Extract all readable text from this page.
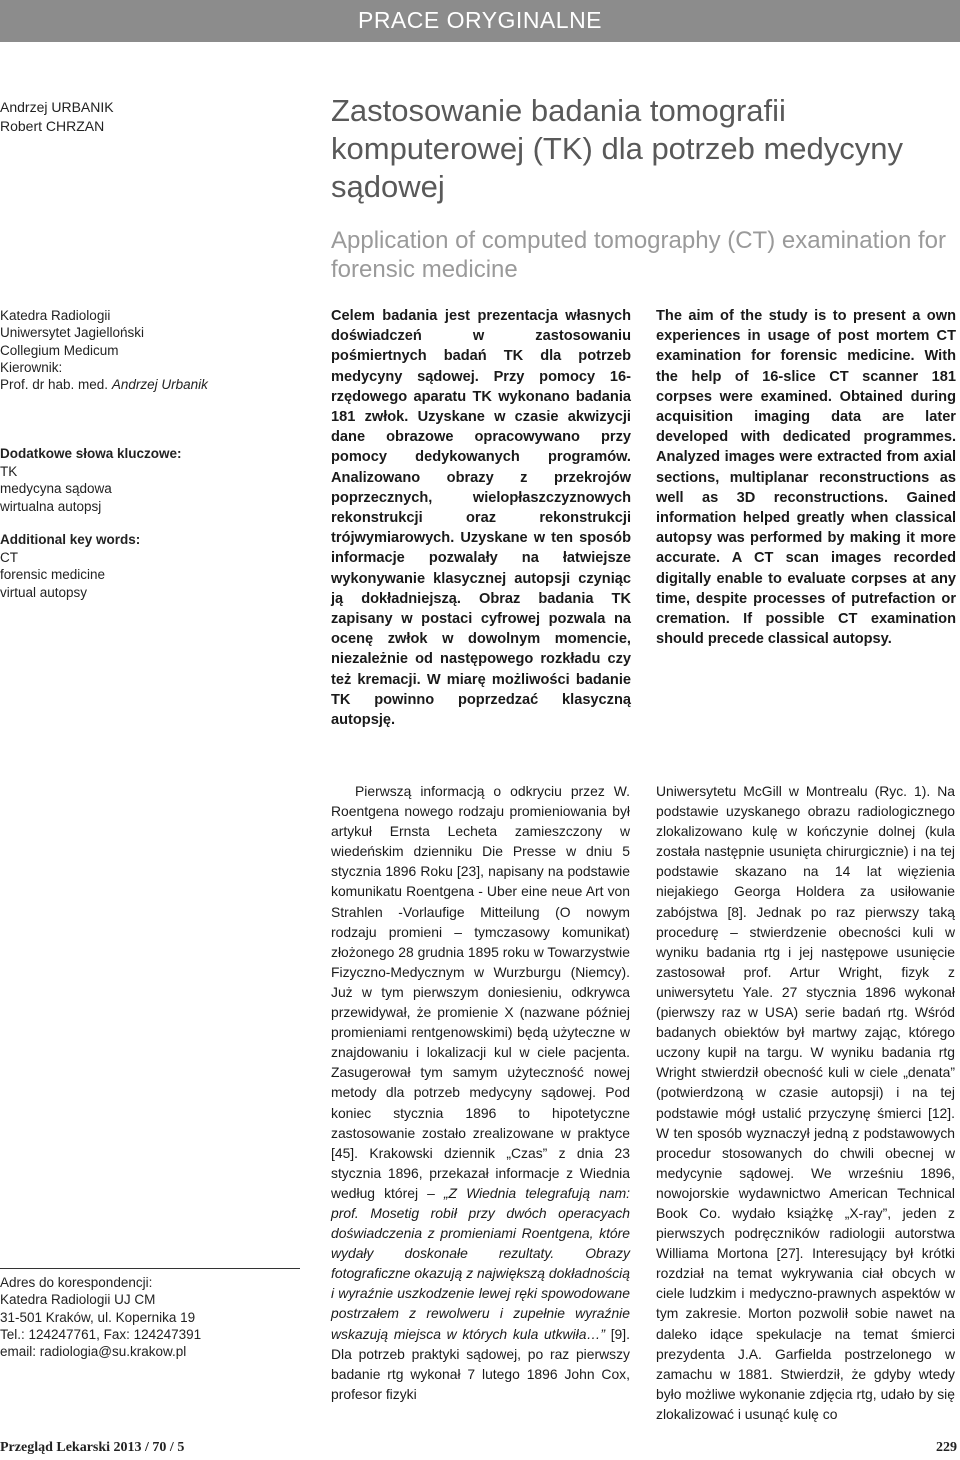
PRACE ORYGINALNE
Andrzej URBANIK
Robert CHRZAN	Zastosowanie badania tomografii komputerowej (TK) dla potrzeb medycyny sądowej
Application of computed tomography (CT) examination for forensic medicine
Katedra Radiologii
Uniwersytet Jagielloński
Collegium Medicum
Kierownik:
Prof. dr hab. med. Andrzej Urbanik
Dodatkowe słowa kluczowe:
TK
medycyna sądowa
wirtualna autopsj
Additional key words:
CT
forensic medicine
virtual autopsy

Celem badania jest prezentacja własnych doświadczeń w zastosowaniu pośmiertnych badań TK dla potrzeb medycyny sądowej. Przy pomocy 16-rzędowego aparatu TK wykonano badania 181 zwłok. Uzyskane w czasie akwizycji dane obrazowe opracowywano przy pomocy dedykowanych programów. Analizowano obrazy z przekrojów poprzecznych, wielopłaszczyznowych rekonstrukcji oraz rekonstrukcji trójwymiarowych. Uzyskane w ten sposób informacje pozwalały na łatwiejsze wykonywanie klasycznej autopsji czyniąc ją dokładniejszą. Obraz badania TK zapisany w postaci cyfrowej pozwala na ocenę zwłok w dowolnym momencie, niezależnie od następowego rozkładu czy też kremacji. W miarę możliwości badanie TK powinno poprzedzać klasyczną autopsję.

The aim of the study is to present a own experiences in usage of post mortem CT examination for forensic medicine. With the help of 16-slice CT scanner 181 corpses were examined. Obtained during acquisition imaging data are later developed with dedicated programmes. Analyzed images were extracted from axial sections, multiplanar reconstructions as well as 3D reconstructions. Gained information helped greatly when classical autopsy was performed by making it more accurate. A CT scan images recorded digitally enable to evaluate corpses at any time, despite processes of putrefaction or cremation. If possible CT examination should precede classical autopsy.

Adres do korespondencji:
Katedra Radiologii UJ CM
31-501 Kraków, ul. Kopernika 19
Tel.: 124247761, Fax: 124247391
email: radiologia@su.krakow.pl

Pierwszą informacją o odkryciu przez W. Roentgena nowego rodzaju promieniowania był artykuł Ernsta Lecheta zamieszczony w wiedeńskim dzienniku Die Presse w dniu 5 stycznia 1896 Roku [23], napisany na podstawie komunikatu Roentgena - Uber eine neue Art von Strahlen -Vorlaufige Mitteilung (O nowym rodzaju promieni – tymczasowy komunikat) złożonego 28 grudnia 1895 roku w Towarzystwie Fizyczno-Medycznym w Wurzburgu (Niemcy). Już w tym pierwszym doniesieniu, odkrywca przewidywał, że promienie X (nazwane później promieniami rentgenowskimi) będą użyteczne w znajdowaniu i lokalizacji kul w ciele pacjenta. Zasugerował tym samym użyteczność nowej metody dla potrzeb medycyny sądowej. Pod koniec stycznia 1896 to hipotetyczne zastosowanie zostało zrealizowane w praktyce [45]. Krakowski dziennik „Czas” z dnia 23 stycznia 1896, przekazał informacje z Wiednia według której – „Z Wiednia telegrafują nam: prof. Mosetig robił przy dwóch operacyach doświadczenia z promieniami Roentgena, które wydały doskonałe rezultaty. Obrazy fotograficzne okazują z największą dokładnością i wyraźnie uszkodzenie lewej ręki spowodowane postrzałem z rewolweru i zupełnie wyraźnie wskazują miejsca w których kula utkwiła…” [9]. Dla potrzeb praktyki sądowej, po raz pierwszy badanie rtg wykonał 7 lutego 1896 John Cox, profesor fizyki

Uniwersytetu McGill w Montrealu (Ryc. 1). Na podstawie uzyskanego obrazu radiologicznego zlokalizowano kulę w kończynie dolnej (kula została następnie usunięta chirurgicznie) i na tej podstawie skazano na 14 lat więzienia niejakiego Georga Holdera za usiłowanie zabójstwa [8]. Jednak po raz pierwszy taką procedurę – stwierdzenie obecności kuli w wyniku badania rtg i jej następowe usunięcie zastosował prof. Artur Wright, fizyk z uniwersytetu Yale. 27 stycznia 1896 wykonał (pierwszy raz w USA) serie badań rtg. Wśród badanych obiektów był martwy zając, którego uczony kupił na targu. W wyniku badania rtg Wright stwierdził obecność kuli w ciele „denata” (potwierdzoną w czasie autopsji) i na tej podstawie mógł ustalić przyczynę śmierci [12]. W ten sposób wyznaczył jedną z podstawowych procedur stosowanych do chwili obecnej w medycynie sądowej. We wrześniu 1896, nowojorskie wydawnictwo American Technical Book Co. wydało książkę „X-ray”, jeden z pierwszych podręczników radiologii autorstwa Williama Mortona [27]. Interesujący był krótki rozdział na temat wykrywania ciał obcych w ciele ludzkim i medyczno-prawnych aspektów w tym zakresie. Morton pozwolił sobie nawet na daleko idące spekulacje na temat śmierci prezydenta J.A. Garfielda postrzelonego w zamachu w 1881. Stwierdził, że gdyby wtedy było możliwe wykonanie zdjęcia rtg, udało by się zlokalizować i usunąć kulę co

Przegląd Lekarski 2013 / 70 / 5	229
